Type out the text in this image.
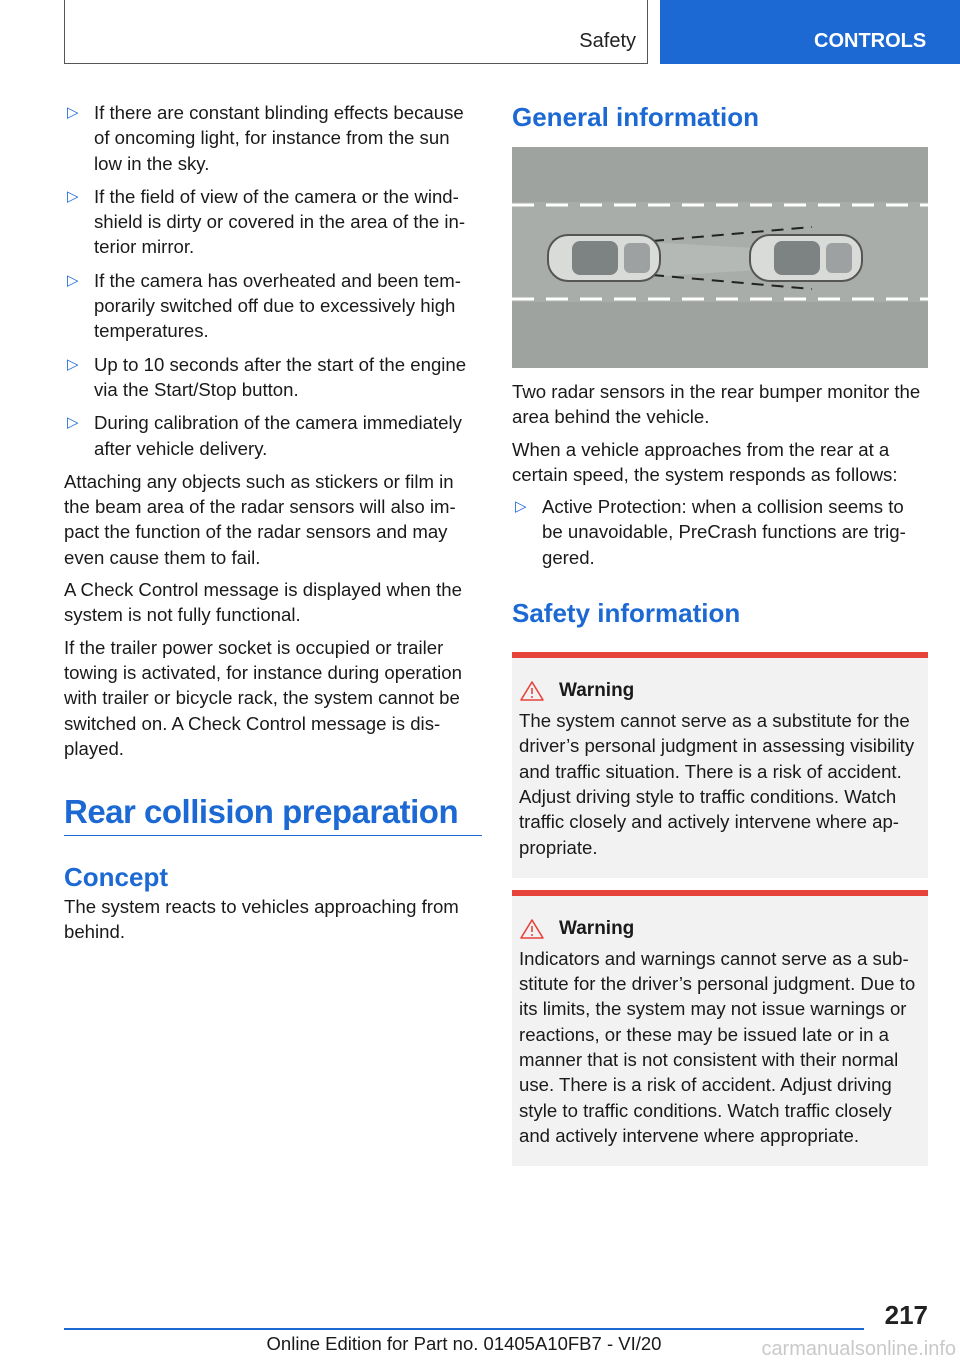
Safety	CONTROLS
▷ If there are constant blinding effects because of oncoming light, for instance from the sun low in the sky.
▷ If the field of view of the camera or the windshield is dirty or covered in the area of the interior mirror.
▷ If the camera has overheated and been temporarily switched off due to excessively high temperatures.
▷ Up to 10 seconds after the start of the engine via the Start/Stop button.
▷ During calibration of the camera immediately after vehicle delivery.

Attaching any objects such as stickers or film in the beam area of the radar sensors will also impact the function of the radar sensors and may even cause them to fail.

A Check Control message is displayed when the system is not fully functional.

If the trailer power socket is occupied or trailer towing is activated, for instance during operation with trailer or bicycle rack, the system cannot be switched on. A Check Control message is displayed.

Rear collision preparation
Concept

The system reacts to vehicles approaching from behind.

General information

Two radar sensors in the rear bumper monitor the area behind the vehicle.

When a vehicle approaches from the rear at a certain speed, the system responds as follows:

▷ Active Protection: when a collision seems to be unavoidable, PreCrash functions are triggered.
Safety information
Warning

The system cannot serve as a substitute for the driver’s personal judgment in assessing visibility and traffic situation. There is a risk of accident. Adjust driving style to traffic conditions. Watch traffic closely and actively intervene where appropriate.

Warning

Indicators and warnings cannot serve as a substitute for the driver’s personal judgment. Due to its limits, the system may not issue warnings or reactions, or these may be issued late or in a manner that is not consistent with their normal use. There is a risk of accident. Adjust driving style to traffic conditions. Watch traffic closely and actively intervene where appropriate.

217
Online Edition for Part no. 01405A10FB7 - VI/20	carmanualsonline.info
